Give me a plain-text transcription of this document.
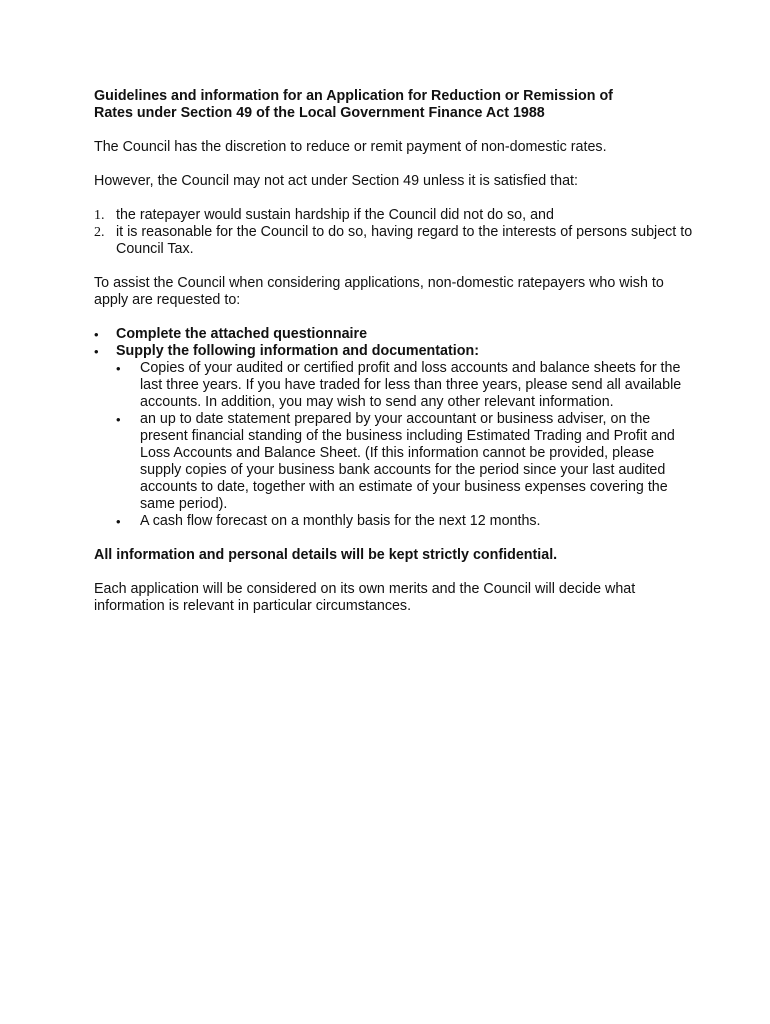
Guidelines and information for an Application for Reduction or Remission of
Rates under Section 49 of the Local Government Finance Act 1988

The Council has the discretion to reduce or remit payment of non-domestic rates.

However, the Council may not act under Section 49 unless it is satisfied that:

1. the ratepayer would sustain hardship if the Council did not do so, and
2. it is reasonable for the Council to do so, having regard to the interests of persons subject to Council Tax.

To assist the Council when considering applications, non-domestic ratepayers who wish to apply are requested to:

• Complete the attached questionnaire
• Supply the following information and documentation:
• Copies of your audited or certified profit and loss accounts and balance sheets for the last three years. If you have traded for less than three years, please send all available accounts. In addition, you may wish to send any other relevant information.
• an up to date statement prepared by your accountant or business adviser, on the present financial standing of the business including Estimated Trading and Profit and Loss Accounts and Balance Sheet. (If this information cannot be provided, please supply copies of your business bank accounts for the period since your last audited accounts to date, together with an estimate of your business expenses covering the same period).
• A cash flow forecast on a monthly basis for the next 12 months.

All information and personal details will be kept strictly confidential.

Each application will be considered on its own merits and the Council will decide what information is relevant in particular circumstances.
